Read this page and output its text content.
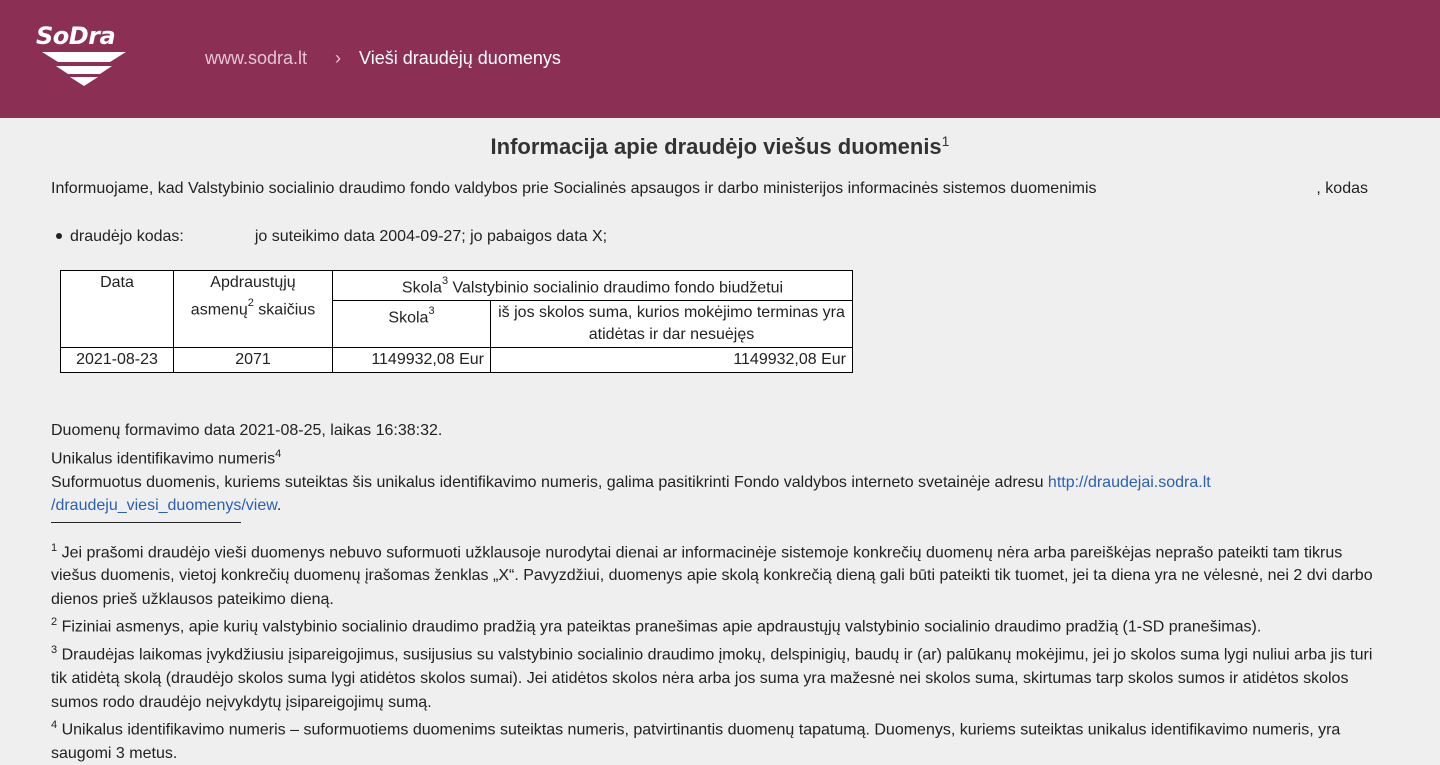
SoDra
www.sodra.lt › Vieši draudėjų duomenys
Informacija apie draudėjo viešus duomenis$^1$
Informuojame, kad Valstybinio socialinio draudimo fondo valdybos prie Socialinės apsaugos ir darbo ministerijos informacinės sistemos duomenimis	, kodas
draudėjo kodas:	jo suteikimo data 2004-09-27; jo pabaigos data X;
Data	Apdraustųjų asmenų$^2$ skaičius	Skola$^3$ Valstybinio socialinio draudimo fondo biudžetui	
		Skola$^3$	iš jos skolos suma, kurios mokėjimo terminas yra atidėtas ir dar nesuėjęs
2021-08-23	2071	1149932,08 Eur	1149932,08 Eur

Duomenų formavimo data 2021-08-25, laikas 16:38:32.

Unikalus identifikavimo numeris$^4$

Suformuotus duomenis, kuriems suteiktas šis unikalus identifikavimo numeris, galima pasitikrinti Fondo valdybos interneto svetainėje adresu http://draudejai.sodra.lt
/draudeju_viesi_duomenys/view.

$^1$ Jei prašomi draudėjo vieši duomenys nebuvo suformuoti užklausoje nurodytai dienai ar informacinėje sistemoje konkrečių duomenų nėra arba pareiškėjas neprašo pateikti tam tikrus viešus duomenis, vietoj konkrečių duomenų įrašomas ženklas „X“. Pavyzdžiui, duomenys apie skolą konkrečią dieną gali būti pateikti tik tuomet, jei ta diena yra ne vėlesnė, nei 2 dvi darbo dienos prieš užklausos pateikimo dieną.

$^2$ Fiziniai asmenys, apie kurių valstybinio socialinio draudimo pradžią yra pateiktas pranešimas apie apdraustųjų valstybinio socialinio draudimo pradžią (1-SD pranešimas).

$^3$ Draudėjas laikomas įvykdžiusiu įsipareigojimus, susijusius su valstybinio socialinio draudimo įmokų, delspinigių, baudų ir (ar) palūkanų mokėjimu, jei jo skolos suma lygi nuliui arba jis turi tik atidėtą skolą (draudėjo skolos suma lygi atidėtos skolos sumai). Jei atidėtos skolos nėra arba jos suma yra mažesnė nei skolos suma, skirtumas tarp skolos sumos ir atidėtos skolos sumos rodo draudėjo neįvykdytų įsipareigojimų sumą.

$^4$ Unikalus identifikavimo numeris – suformuotiems duomenims suteiktas numeris, patvirtinantis duomenų tapatumą. Duomenys, kuriems suteiktas unikalus identifikavimo numeris, yra saugomi 3 metus.
